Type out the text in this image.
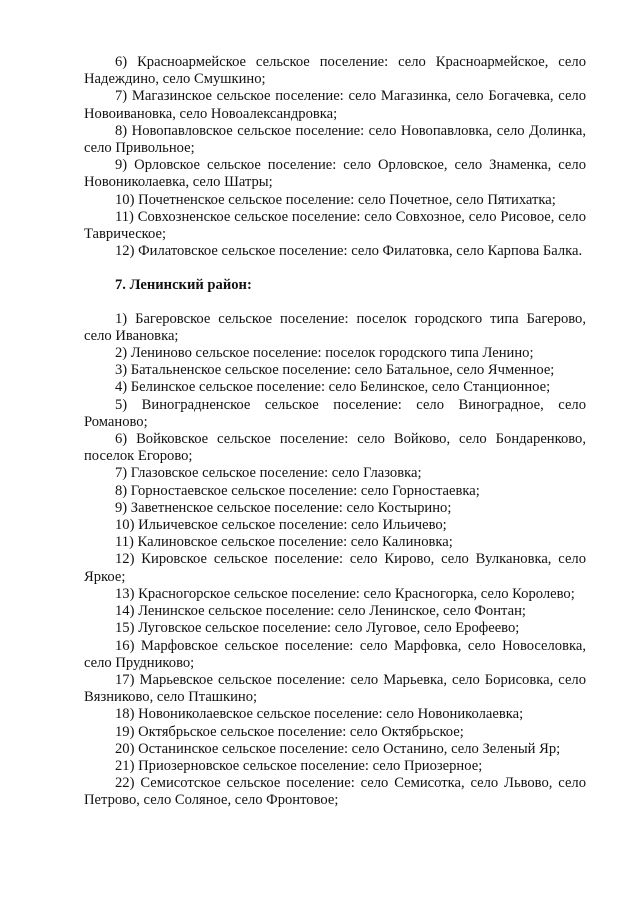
6) Красноармейское сельское поселение: село Красноармейское, село Надеждино, село Смушкино;

7) Магазинское сельское поселение: село Магазинка, село Богачевка, село Новоивановка, село Новоалександровка;

8) Новопавловское сельское поселение: село Новопавловка, село Долинка, село Привольное;

9) Орловское сельское поселение: село Орловское, село Знаменка, село Новониколаевка, село Шатры;

10) Почетненское сельское поселение: село Почетное, село Пятихатка;

11) Совхозненское сельское поселение: село Совхозное, село Рисовое, село Таврическое;

12) Филатовское сельское поселение: село Филатовка, село Карпова Балка.

7. Ленинский район:

1) Багеровское сельское поселение: поселок городского типа Багерово, село Ивановка;

2) Лениново сельское поселение: поселок городского типа Ленино;

3) Батальненское сельское поселение: село Батальное, село Ячменное;

4) Белинское сельское поселение: село Белинское, село Станционное;

5) Виноградненское сельское поселение: село Виноградное, село Романово;

6) Войковское сельское поселение: село Войково, село Бондаренково, поселок Егорово;

7) Глазовское сельское поселение: село Глазовка;

8) Горностаевское сельское поселение: село Горностаевка;

9) Заветненское сельское поселение: село Костырино;

10) Ильичевское сельское поселение: село Ильичево;

11) Калиновское сельское поселение: село Калиновка;

12) Кировское сельское поселение: село Кирово, село Вулкановка, село Яркое;

13) Красногорское сельское поселение: село Красногорка, село Королево;

14) Ленинское сельское поселение: село Ленинское, село Фонтан;

15) Луговское сельское поселение: село Луговое, село Ерофеево;

16) Марфовское сельское поселение: село Марфовка, село Новоселовка, село Прудниково;

17) Марьевское сельское поселение: село Марьевка, село Борисовка, село Вязниково, село Пташкино;

18) Новониколаевское сельское поселение: село Новониколаевка;

19) Октябрьское сельское поселение: село Октябрьское;

20) Останинское сельское поселение: село Останино, село Зеленый Яр;

21) Приозерновское сельское поселение: село Приозерное;

22) Семисотское сельское поселение: село Семисотка, село Львово, село Петрово, село Соляное, село Фронтовое;
